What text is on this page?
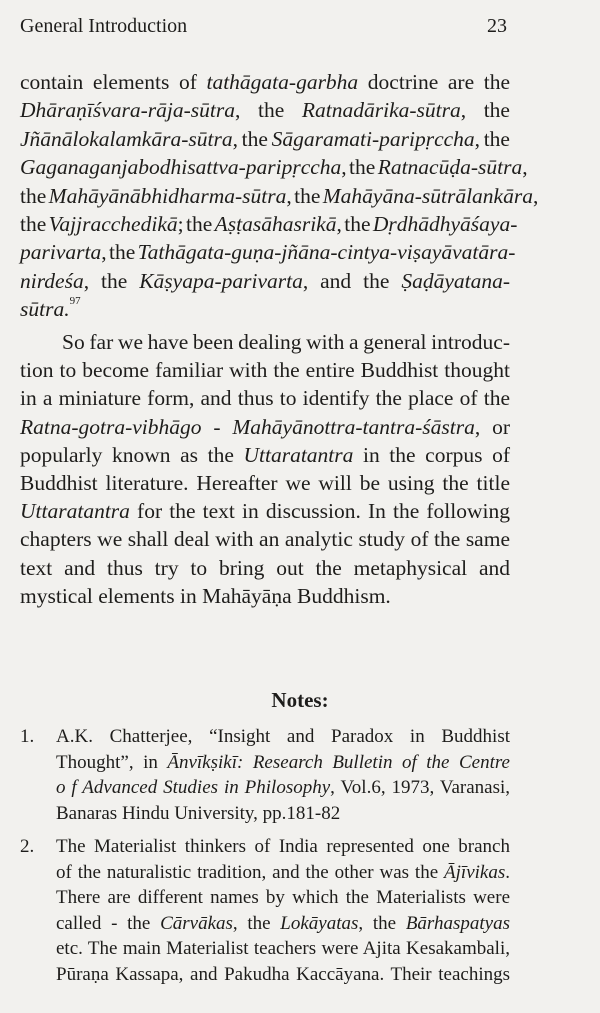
General Introduction	23
contain elements of tathāgata-garbha doctrine are the
Dhāraṇīśvara-rāja-sūtra, the Ratnadārika-sūtra, the
Jñānālokalamkāra-sūtra, the Sāgaramati-paripṛccha, the
Gaganaganjabodhisattva-paripṛccha, the Ratnacūḍa-sūtra,
the Mahāyānābhidharma-sūtra, the Mahāyāna-sūtrālankāra,
the Vajjracchedikā; the Aṣṭasāhasrikā, the Dṛdhādhyāśaya-
parivarta, the Tathāgata-guṇa-jñāna-cintya-viṣayāvatāra-
nirdeśa, the Kāṣyapa-parivarta, and the Ṣaḍāyatana-
sūtra.$^{97}$
So far we have been dealing with a general introduc-
tion to become familiar with the entire Buddhist thought
in a miniature form, and thus to identify the place of the
Ratna-gotra-vibhāgo - Mahāyānottra-tantra-śāstra, or
popularly known as the Uttaratantra in the corpus of
Buddhist literature. Hereafter we will be using the title
Uttaratantra for the text in discussion. In the following
chapters we shall deal with an analytic study of the same
text and thus try to bring out the metaphysical and
mystical elements in Mahāyāṇa Buddhism.
1. A.K. Chatterjee, “Insight and Paradox in Buddhist
Thought”, in Ānvīkṣikī: Research Bulletin of the Centre
o f Advanced Studies in Philosophy, Vol.6, 1973, Varanasi,
Banaras Hindu University, pp.181-82
2. The Materialist thinkers of India represented one branch
of the naturalistic tradition, and the other was the Ājīvikas.
There are different names by which the Materialists were
called - the Cārvākas, the Lokāyatas, the Bārhaspatyas
etc. The main Materialist teachers were Ajita Kesakambali,
Pūraṇa Kassapa, and Pakudha Kaccāyana. Their teachings
Notes:
